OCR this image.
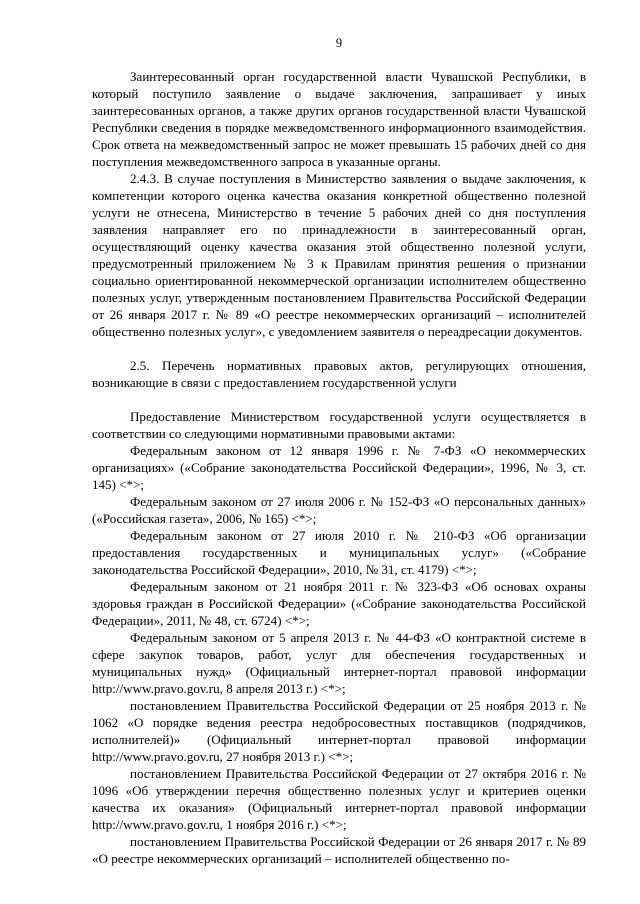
9

Заинтересованный орган государственной власти Чувашской Республики, в который поступило заявление о выдаче заключения, запрашивает у иных заинтересованных органов, а также других органов государственной власти Чувашской Республики сведения в порядке межведомственного информационного взаимодействия. Срок ответа на межведомственный запрос не может превышать 15 рабочих дней со дня поступления межведомственного запроса в указанные органы.

2.4.3. В случае поступления в Министерство заявления о выдаче заключения, к компетенции которого оценка качества оказания конкретной общественно полезной услуги не отнесена, Министерство в течение 5 рабочих дней со дня поступления заявления направляет его по принадлежности в заинтересованный орган, осуществляющий оценку качества оказания этой общественно полезной услуги, предусмотренный приложением № 3 к Правилам принятия решения о признании социально ориентированной некоммерческой организации исполнителем общественно полезных услуг, утвержденным постановлением Правительства Российской Федерации от 26 января 2017 г. № 89 «О реестре некоммерческих организаций – исполнителей общественно полезных услуг», с уведомлением заявителя о переадресации документов.

2.5. Перечень нормативных правовых актов, регулирующих отношения, возникающие в связи с предоставлением государственной услуги

Предоставление Министерством государственной услуги осуществляется в соответствии со следующими нормативными правовыми актами:

Федеральным законом от 12 января 1996 г. № 7-ФЗ «О некоммерческих организациях» («Собрание законодательства Российской Федерации», 1996, № 3, ст. 145) <*>;

Федеральным законом от 27 июля 2006 г. № 152-ФЗ «О персональных данных» («Российская газета», 2006, № 165) <*>;

Федеральным законом от 27 июля 2010 г. № 210-ФЗ «Об организации предоставления государственных и муниципальных услуг» («Собрание законодательства Российской Федерации», 2010, № 31, ст. 4179) <*>;

Федеральным законом от 21 ноября 2011 г. № 323-ФЗ «Об основах охраны здоровья граждан в Российской Федерации» («Собрание законодательства Российской Федерации», 2011, № 48, ст. 6724) <*>;

Федеральным законом от 5 апреля 2013 г. № 44-ФЗ «О контрактной системе в сфере закупок товаров, работ, услуг для обеспечения государственных и муниципальных нужд» (Официальный интернет-портал правовой информации http://www.pravo.gov.ru, 8 апреля 2013 г.) <*>;

постановлением Правительства Российской Федерации от 25 ноября 2013 г. № 1062 «О порядке ведения реестра недобросовестных поставщиков (подрядчиков, исполнителей)» (Официальный интернет-портал правовой информации http://www.pravo.gov.ru, 27 ноября 2013 г.) <*>;

постановлением Правительства Российской Федерации от 27 октября 2016 г. № 1096 «Об утверждении перечня общественно полезных услуг и критериев оценки качества их оказания» (Официальный интернет-портал правовой информации http://www.pravo.gov.ru, 1 ноября 2016 г.) <*>;

постановлением Правительства Российской Федерации от 26 января 2017 г. № 89 «О реестре некоммерческих организаций – исполнителей общественно по-
